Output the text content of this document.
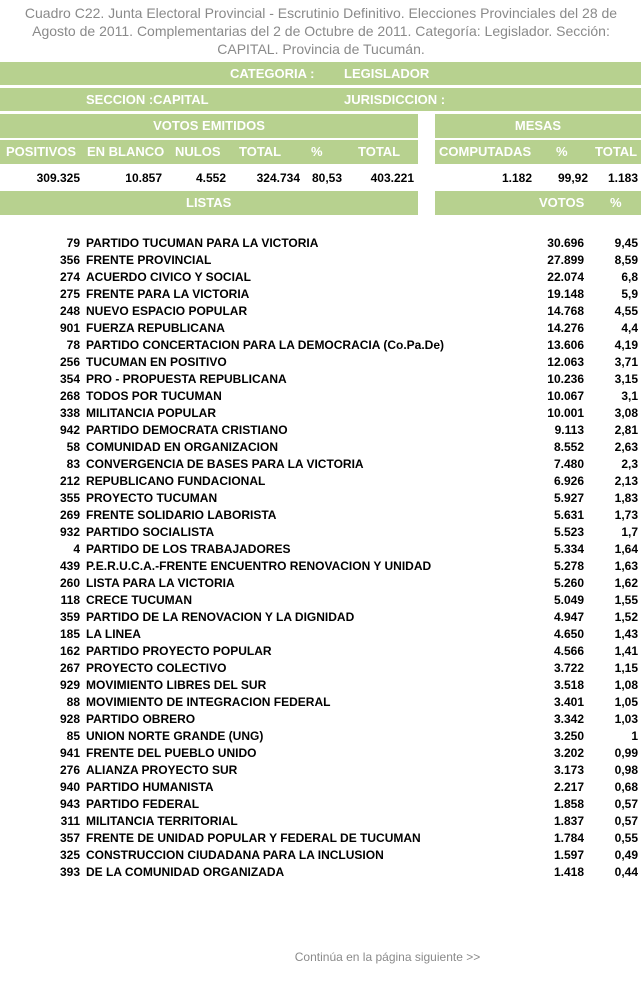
Cuadro C22. Junta Electoral Provincial - Escrutinio Definitivo. Elecciones Provinciales del 28 de Agosto de 2011. Complementarias del 2 de Octubre de 2011. Categoría: Legislador. Sección: CAPITAL. Provincia de Tucumán.
CATEGORIA : LEGISLADOR
SECCION :CAPITAL	JURISDICCION :
VOTOS EMITIDOS	MESAS
POSITIVOS EN BLANCO NULOS TOTAL %	TOTAL	COMPUTADAS % TOTAL
309.325	10.857	4.552	324.734 80,53	403.221	1.182	99,92	1.183
LISTAS	VOTOS %
79 PARTIDO TUCUMAN PARA LA VICTORIA	30.696	9,45
356 FRENTE PROVINCIAL	27.899	8,59
274 ACUERDO CIVICO Y SOCIAL	22.074	6,8
275 FRENTE PARA LA VICTORIA	19.148	5,9
248 NUEVO ESPACIO POPULAR	14.768	4,55
901 FUERZA REPUBLICANA	14.276	4,4
78 PARTIDO CONCERTACION PARA LA DEMOCRACIA (Co.Pa.De)	13.606	4,19
256 TUCUMAN EN POSITIVO	12.063	3,71
354 PRO - PROPUESTA REPUBLICANA	10.236	3,15
268 TODOS POR TUCUMAN	10.067	3,1
338 MILITANCIA POPULAR	10.001	3,08
942 PARTIDO DEMOCRATA CRISTIANO	9.113	2,81
58 COMUNIDAD EN ORGANIZACION	8.552	2,63
83 CONVERGENCIA DE BASES PARA LA VICTORIA	7.480	2,3
212 REPUBLICANO FUNDACIONAL	6.926	2,13
355 PROYECTO TUCUMAN	5.927	1,83
269 FRENTE SOLIDARIO LABORISTA	5.631	1,73
932 PARTIDO SOCIALISTA	5.523	1,7
4 PARTIDO DE LOS TRABAJADORES	5.334	1,64
439 P.E.R.U.C.A.-FRENTE ENCUENTRO RENOVACION Y UNIDAD	5.278	1,63
260 LISTA PARA LA VICTORIA	5.260	1,62
118 CRECE TUCUMAN	5.049	1,55
359 PARTIDO DE LA RENOVACION Y LA DIGNIDAD	4.947	1,52
185 LA LINEA	4.650	1,43
162 PARTIDO PROYECTO POPULAR	4.566	1,41
267 PROYECTO COLECTIVO	3.722	1,15
929 MOVIMIENTO LIBRES DEL SUR	3.518	1,08
88 MOVIMIENTO DE INTEGRACION FEDERAL	3.401	1,05
928 PARTIDO OBRERO	3.342	1,03
85 UNION NORTE GRANDE (UNG)	3.250	1
941 FRENTE DEL PUEBLO UNIDO	3.202	0,99
276 ALIANZA PROYECTO SUR	3.173	0,98
940 PARTIDO HUMANISTA	2.217	0,68
943 PARTIDO FEDERAL	1.858	0,57
311 MILITANCIA TERRITORIAL	1.837	0,57
357 FRENTE DE UNIDAD POPULAR Y FEDERAL DE TUCUMAN	1.784	0,55
325 CONSTRUCCION CIUDADANA PARA LA INCLUSION	1.597	0,49
393 DE LA COMUNIDAD ORGANIZADA	1.418	0,44
Continúa en la página siguiente >>
